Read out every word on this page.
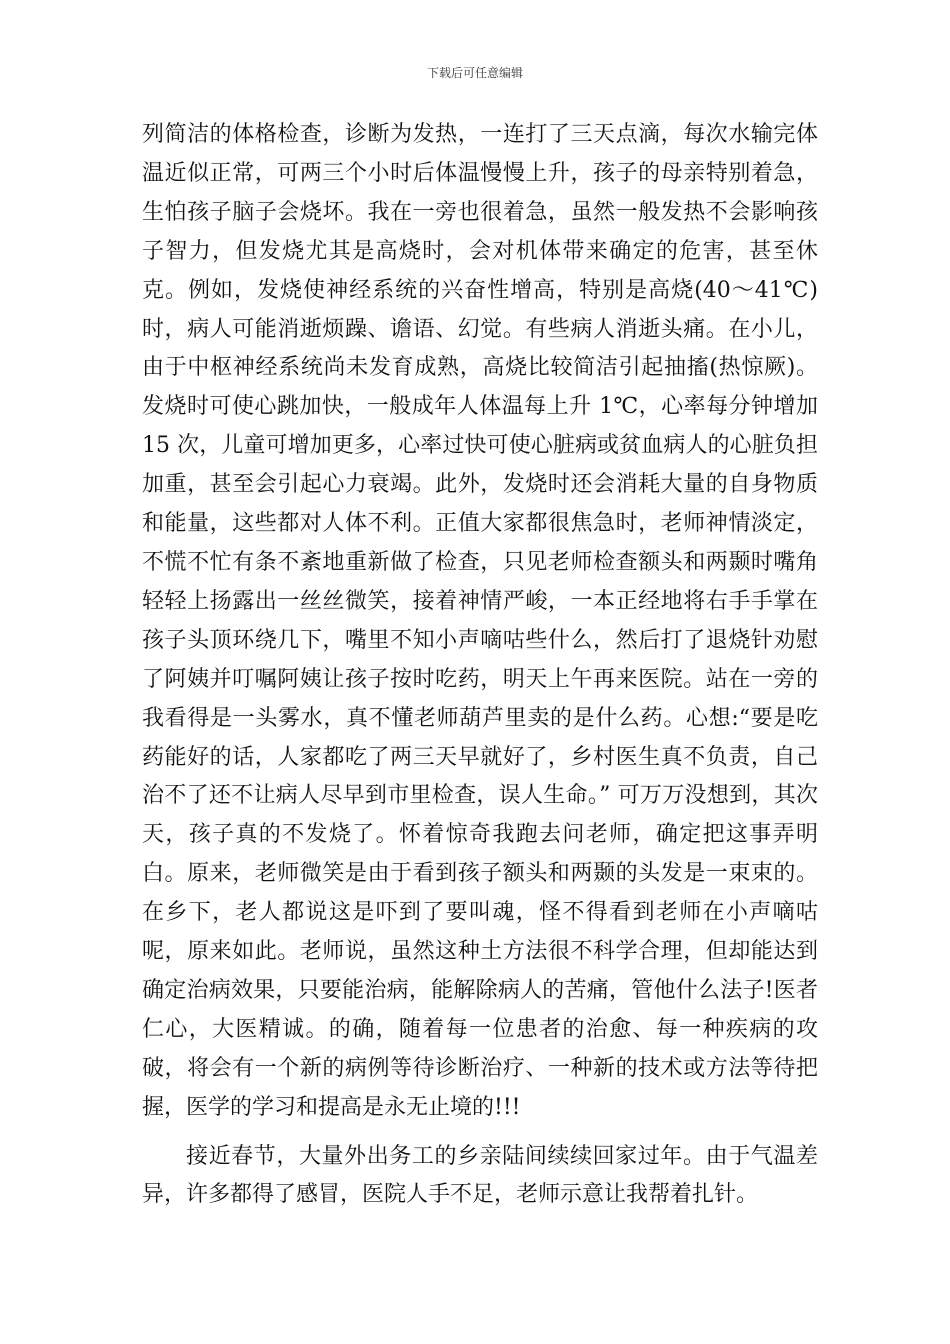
下载后可任意编辑

列简洁的体格检查，诊断为发热，一连打了三天点滴，每次水输完体温近似正常，可两三个小时后体温慢慢上升，孩子的母亲特别着急，生怕孩子脑子会烧坏。我在一旁也很着急，虽然一般发热不会影响孩子智力，但发烧尤其是高烧时，会对机体带来确定的危害，甚至休克。例如，发烧使神经系统的兴奋性增高，特别是高烧(40～41℃)时，病人可能消逝烦躁、谵语、幻觉。有些病人消逝头痛。在小儿，由于中枢神经系统尚未发育成熟，高烧比较简洁引起抽搐(热惊厥)。发烧时可使心跳加快，一般成年人体温每上升 1℃，心率每分钟增加 15 次，儿童可增加更多，心率过快可使心脏病或贫血病人的心脏负担加重，甚至会引起心力衰竭。此外，发烧时还会消耗大量的自身物质和能量，这些都对人体不利。正值大家都很焦急时，老师神情淡定，不慌不忙有条不紊地重新做了检查，只见老师检查额头和两颞时嘴角轻轻上扬露出一丝丝微笑，接着神情严峻，一本正经地将右手手掌在孩子头顶环绕几下，嘴里不知小声嘀咕些什么，然后打了退烧针劝慰了阿姨并叮嘱阿姨让孩子按时吃药，明天上午再来医院。站在一旁的我看得是一头雾水，真不懂老师葫芦里卖的是什么药。心想:“要是吃药能好的话，人家都吃了两三天早就好了，乡村医生真不负责，自己治不了还不让病人尽早到市里检查，误人生命。” 可万万没想到，其次天，孩子真的不发烧了。怀着惊奇我跑去问老师，确定把这事弄明白。原来，老师微笑是由于看到孩子额头和两颞的头发是一束束的。在乡下，老人都说这是吓到了要叫魂，怪不得看到老师在小声嘀咕呢，原来如此。老师说，虽然这种土方法很不科学合理，但却能达到确定治病效果，只要能治病，能解除病人的苦痛，管他什么法子!医者仁心，大医精诚。的确，随着每一位患者的治愈、每一种疾病的攻破，将会有一个新的病例等待诊断治疗、一种新的技术或方法等待把握，医学的学习和提高是永无止境的!!!

接近春节，大量外出务工的乡亲陆间续续回家过年。由于气温差异，许多都得了感冒，医院人手不足，老师示意让我帮着扎针。
